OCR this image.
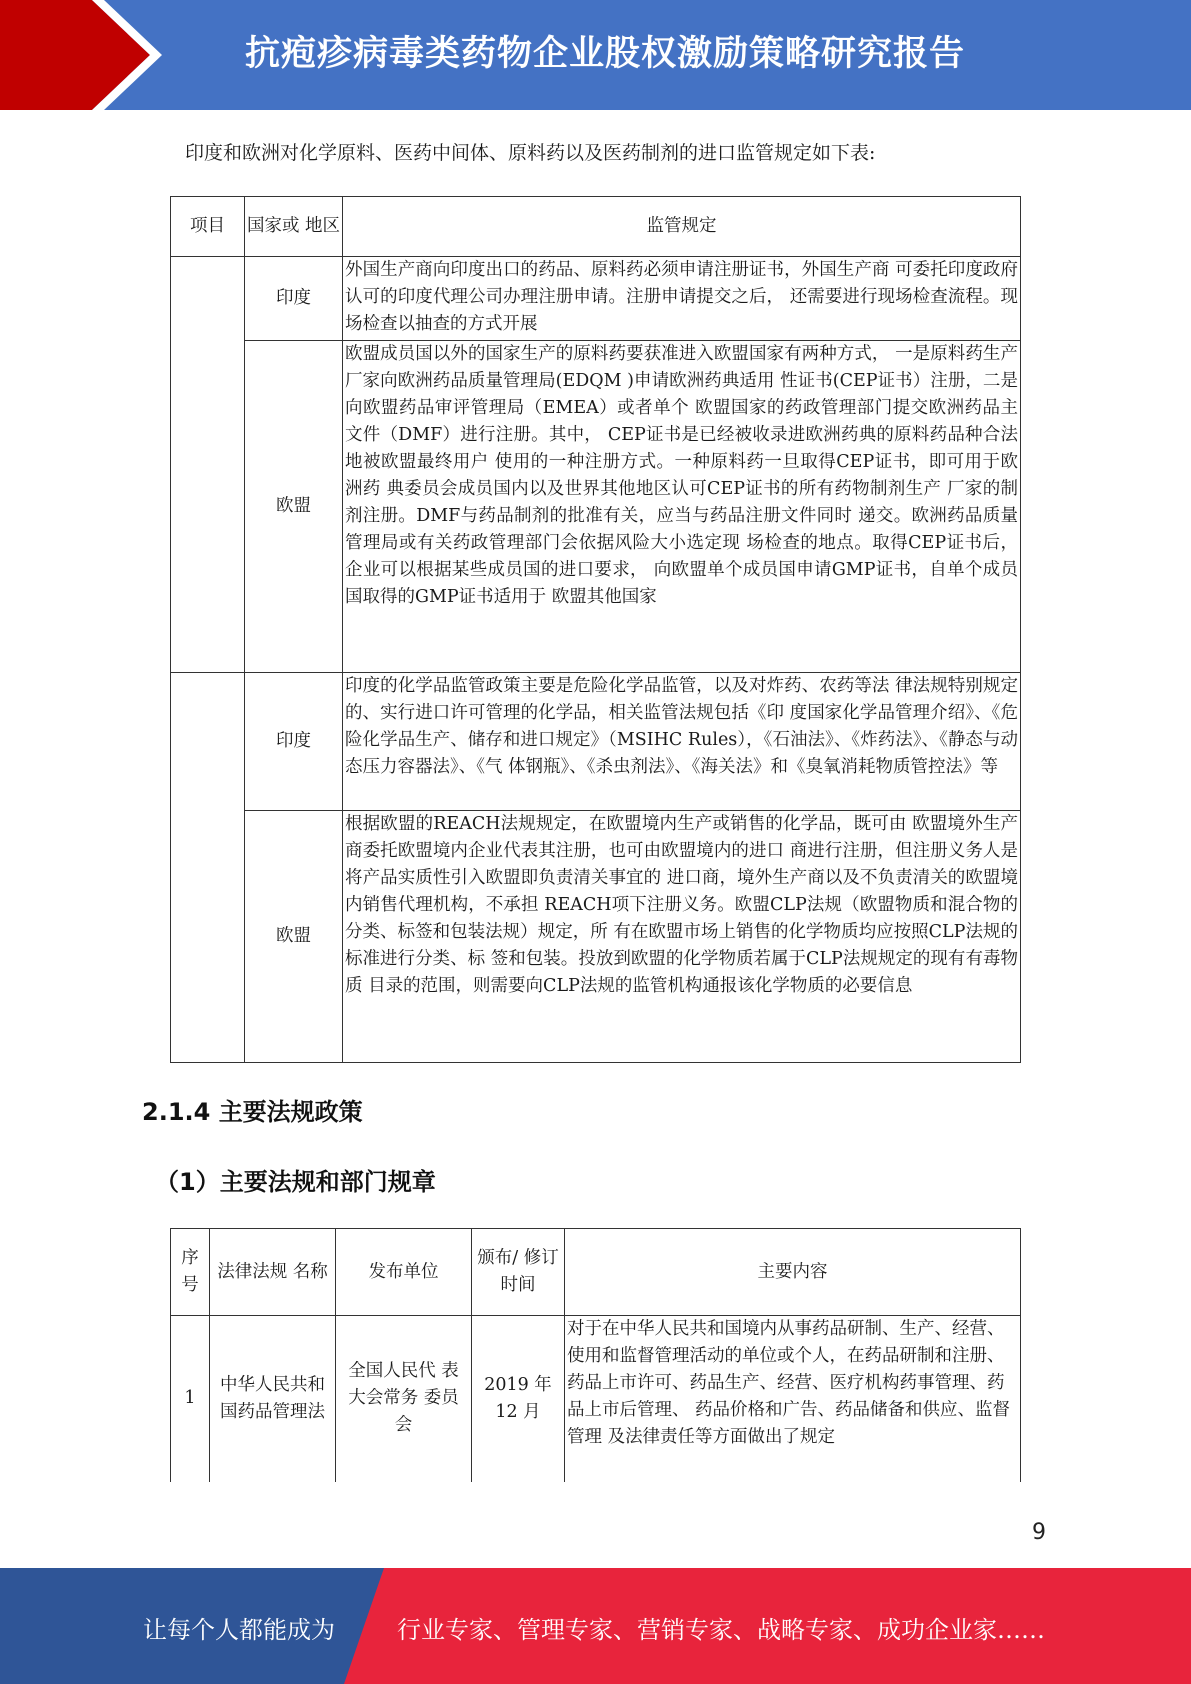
抗疱疹病毒类药物企业股权激励策略研究报告
印度和欧洲对化学原料、医药中间体、原料药以及医药制剂的进口监管规定如下表:
项目	国家或 地区	监管规定
	印度	外国生产商向印度出口的药品、原料药必须申请注册证书，外国生产商 可委托印度政府认可的印度代理公司办理注册申请。注册申请提交之后， 还需要进行现场检查流程。现场检查以抽查的方式开展
	欧盟	欧盟成员国以外的国家生产的原料药要获准进入欧盟国家有两种方式， 一是原料药生产厂家向欧洲药品质量管理局(EDQM )申请欧洲药典适用 性证书(CEP证书）注册，二是向欧盟药品审评管理局（EMEA）或者单个 欧盟国家的药政管理部门提交欧洲药品主文件（DMF）进行注册。其中， CEP证书是已经被收录进欧洲药典的原料药品种合法地被欧盟最终用户 使用的一种注册方式。一种原料药一旦取得CEP证书，即可用于欧洲药 典委员会成员国内以及世界其他地区认可CEP证书的所有药物制剂生产 厂家的制剂注册。DMF与药品制剂的批准有关，应当与药品注册文件同时 递交。欧洲药品质量管理局或有关药政管理部门会依据风险大小选定现 场检查的地点。取得CEP证书后，企业可以根据某些成员国的进口要求， 向欧盟单个成员国申请GMP证书，自单个成员国取得的GMP证书适用于 欧盟其他国家
	印度	印度的化学品监管政策主要是危险化学品监管，以及对炸药、农药等法 律法规特别规定的、实行进口许可管理的化学品，相关监管法规包括《印 度国家化学品管理介绍》、《危险化学品生产、储存和进口规定》（MSIHC Rules），《石油法》、《炸药法》、《静态与动态压力容器法》、《气 体钢瓶》、《杀虫剂法》、《海关法》和《臭氧消耗物质管控法》等
	欧盟	根据欧盟的REACH法规规定，在欧盟境内生产或销售的化学品，既可由 欧盟境外生产商委托欧盟境内企业代表其注册，也可由欧盟境内的进口 商进行注册，但注册义务人是将产品实质性引入欧盟即负责清关事宜的 进口商，境外生产商以及不负责清关的欧盟境内销售代理机构，不承担 REACH项下注册义务。欧盟CLP法规（欧盟物质和混合物的分类、标签和包装法规）规定，所 有在欧盟市场上销售的化学物质均应按照CLP法规的标准进行分类、标 签和包装。投放到欧盟的化学物质若属于CLP法规规定的现有有毒物质 目录的范围，则需要向CLP法规的监管机构通报该化学物质的必要信息
2.1.4 主要法规政策
（1）主要法规和部门规章
序号	法律法规 名称	发布单位	颁布/ 修订 时间	主要内容
1	中华人民共和国药品管理法	全国人民代 表大会常务 委员会	2019 年 12 月	对于在中华人民共和国境内从事药品研制、生产、经营、使用和监督管理活动的单位或个人，在药品研制和注册、药品上市许可、药品生产、经营、医疗机构药事管理、药品上市后管理、 药品价格和广告、药品储备和供应、监督管理 及法律责任等方面做出了规定
9
让每个人都能成为	行业专家、管理专家、营销专家、战略专家、成功企业家……
